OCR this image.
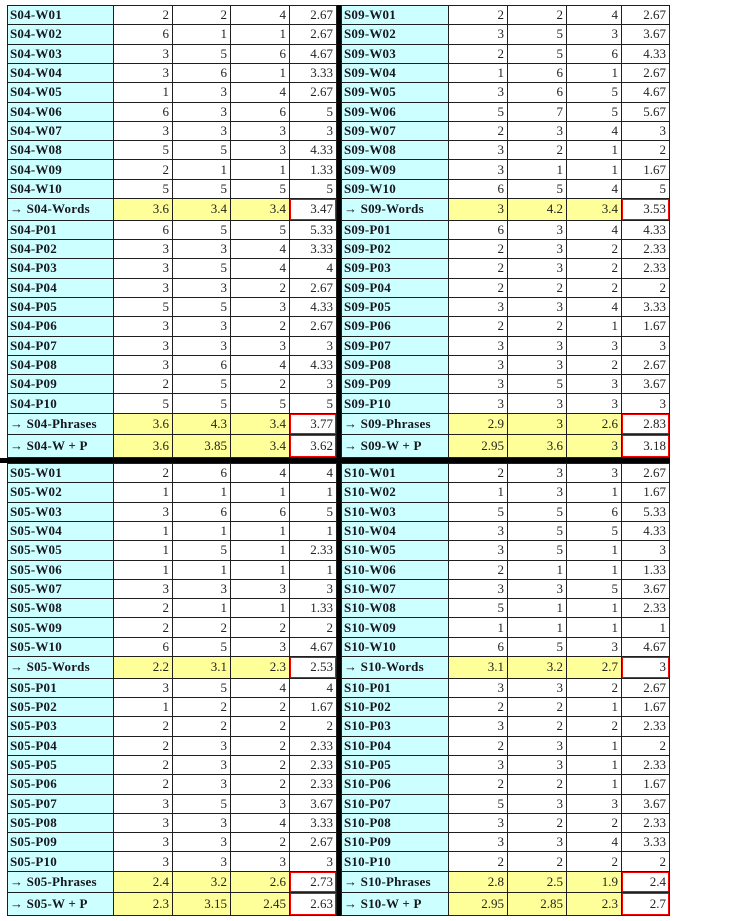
S04-W01	2	2	4	2.67
S04-W02	6	1	1	2.67
S04-W03	3	5	6	4.67
S04-W04	3	6	1	3.33
S04-W05	1	3	4	2.67
S04-W06	6	3	6	5
S04-W07	3	3	3	3
S04-W08	5	5	3	4.33
S04-W09	2	1	1	1.33
S04-W10	5	5	5	5
→ S04-Words	3.6	3.4	3.4	3.47
S04-P01	6	5	5	5.33
S04-P02	3	3	4	3.33
S04-P03	3	5	4	4
S04-P04	3	3	2	2.67
S04-P05	5	5	3	4.33
S04-P06	3	3	2	2.67
S04-P07	3	3	3	3
S04-P08	3	6	4	4.33
S04-P09	2	5	2	3
S04-P10	5	5	5	5
→ S04-Phrases	3.6	4.3	3.4	3.77
→ S04-W + P	3.6	3.85	3.4	3.62
S09-W01	2	2	4	2.67
S09-W02	3	5	3	3.67
S09-W03	2	5	6	4.33
S09-W04	1	6	1	2.67
S09-W05	3	6	5	4.67
S09-W06	5	7	5	5.67
S09-W07	2	3	4	3
S09-W08	3	2	1	2
S09-W09	3	1	1	1.67
S09-W10	6	5	4	5
→ S09-Words	3	4.2	3.4	3.53
S09-P01	6	3	4	4.33
S09-P02	2	3	2	2.33
S09-P03	2	3	2	2.33
S09-P04	2	2	2	2
S09-P05	3	3	4	3.33
S09-P06	2	2	1	1.67
S09-P07	3	3	3	3
S09-P08	3	3	2	2.67
S09-P09	3	5	3	3.67
S09-P10	3	3	3	3
→ S09-Phrases	2.9	3	2.6	2.83
→ S09-W + P	2.95	3.6	3	3.18
S05-W01	2	6	4	4
S05-W02	1	1	1	1
S05-W03	3	6	6	5
S05-W04	1	1	1	1
S05-W05	1	5	1	2.33
S05-W06	1	1	1	1
S05-W07	3	3	3	3
S05-W08	2	1	1	1.33
S05-W09	2	2	2	2
S05-W10	6	5	3	4.67
→ S05-Words	2.2	3.1	2.3	2.53
S05-P01	3	5	4	4
S05-P02	1	2	2	1.67
S05-P03	2	2	2	2
S05-P04	2	3	2	2.33
S05-P05	2	3	2	2.33
S05-P06	2	3	2	2.33
S05-P07	3	5	3	3.67
S05-P08	3	3	4	3.33
S05-P09	3	3	2	2.67
S05-P10	3	3	3	3
→ S05-Phrases	2.4	3.2	2.6	2.73
→ S05-W + P	2.3	3.15	2.45	2.63
S10-W01	2	3	3	2.67
S10-W02	1	3	1	1.67
S10-W03	5	5	6	5.33
S10-W04	3	5	5	4.33
S10-W05	3	5	1	3
S10-W06	2	1	1	1.33
S10-W07	3	3	5	3.67
S10-W08	5	1	1	2.33
S10-W09	1	1	1	1
S10-W10	6	5	3	4.67
→ S10-Words	3.1	3.2	2.7	3
S10-P01	3	3	2	2.67
S10-P02	2	2	1	1.67
S10-P03	3	2	2	2.33
S10-P04	2	3	1	2
S10-P05	3	3	1	2.33
S10-P06	2	2	1	1.67
S10-P07	5	3	3	3.67
S10-P08	3	2	2	2.33
S10-P09	3	3	4	3.33
S10-P10	2	2	2	2
→ S10-Phrases	2.8	2.5	1.9	2.4
→ S10-W + P	2.95	2.85	2.3	2.7
